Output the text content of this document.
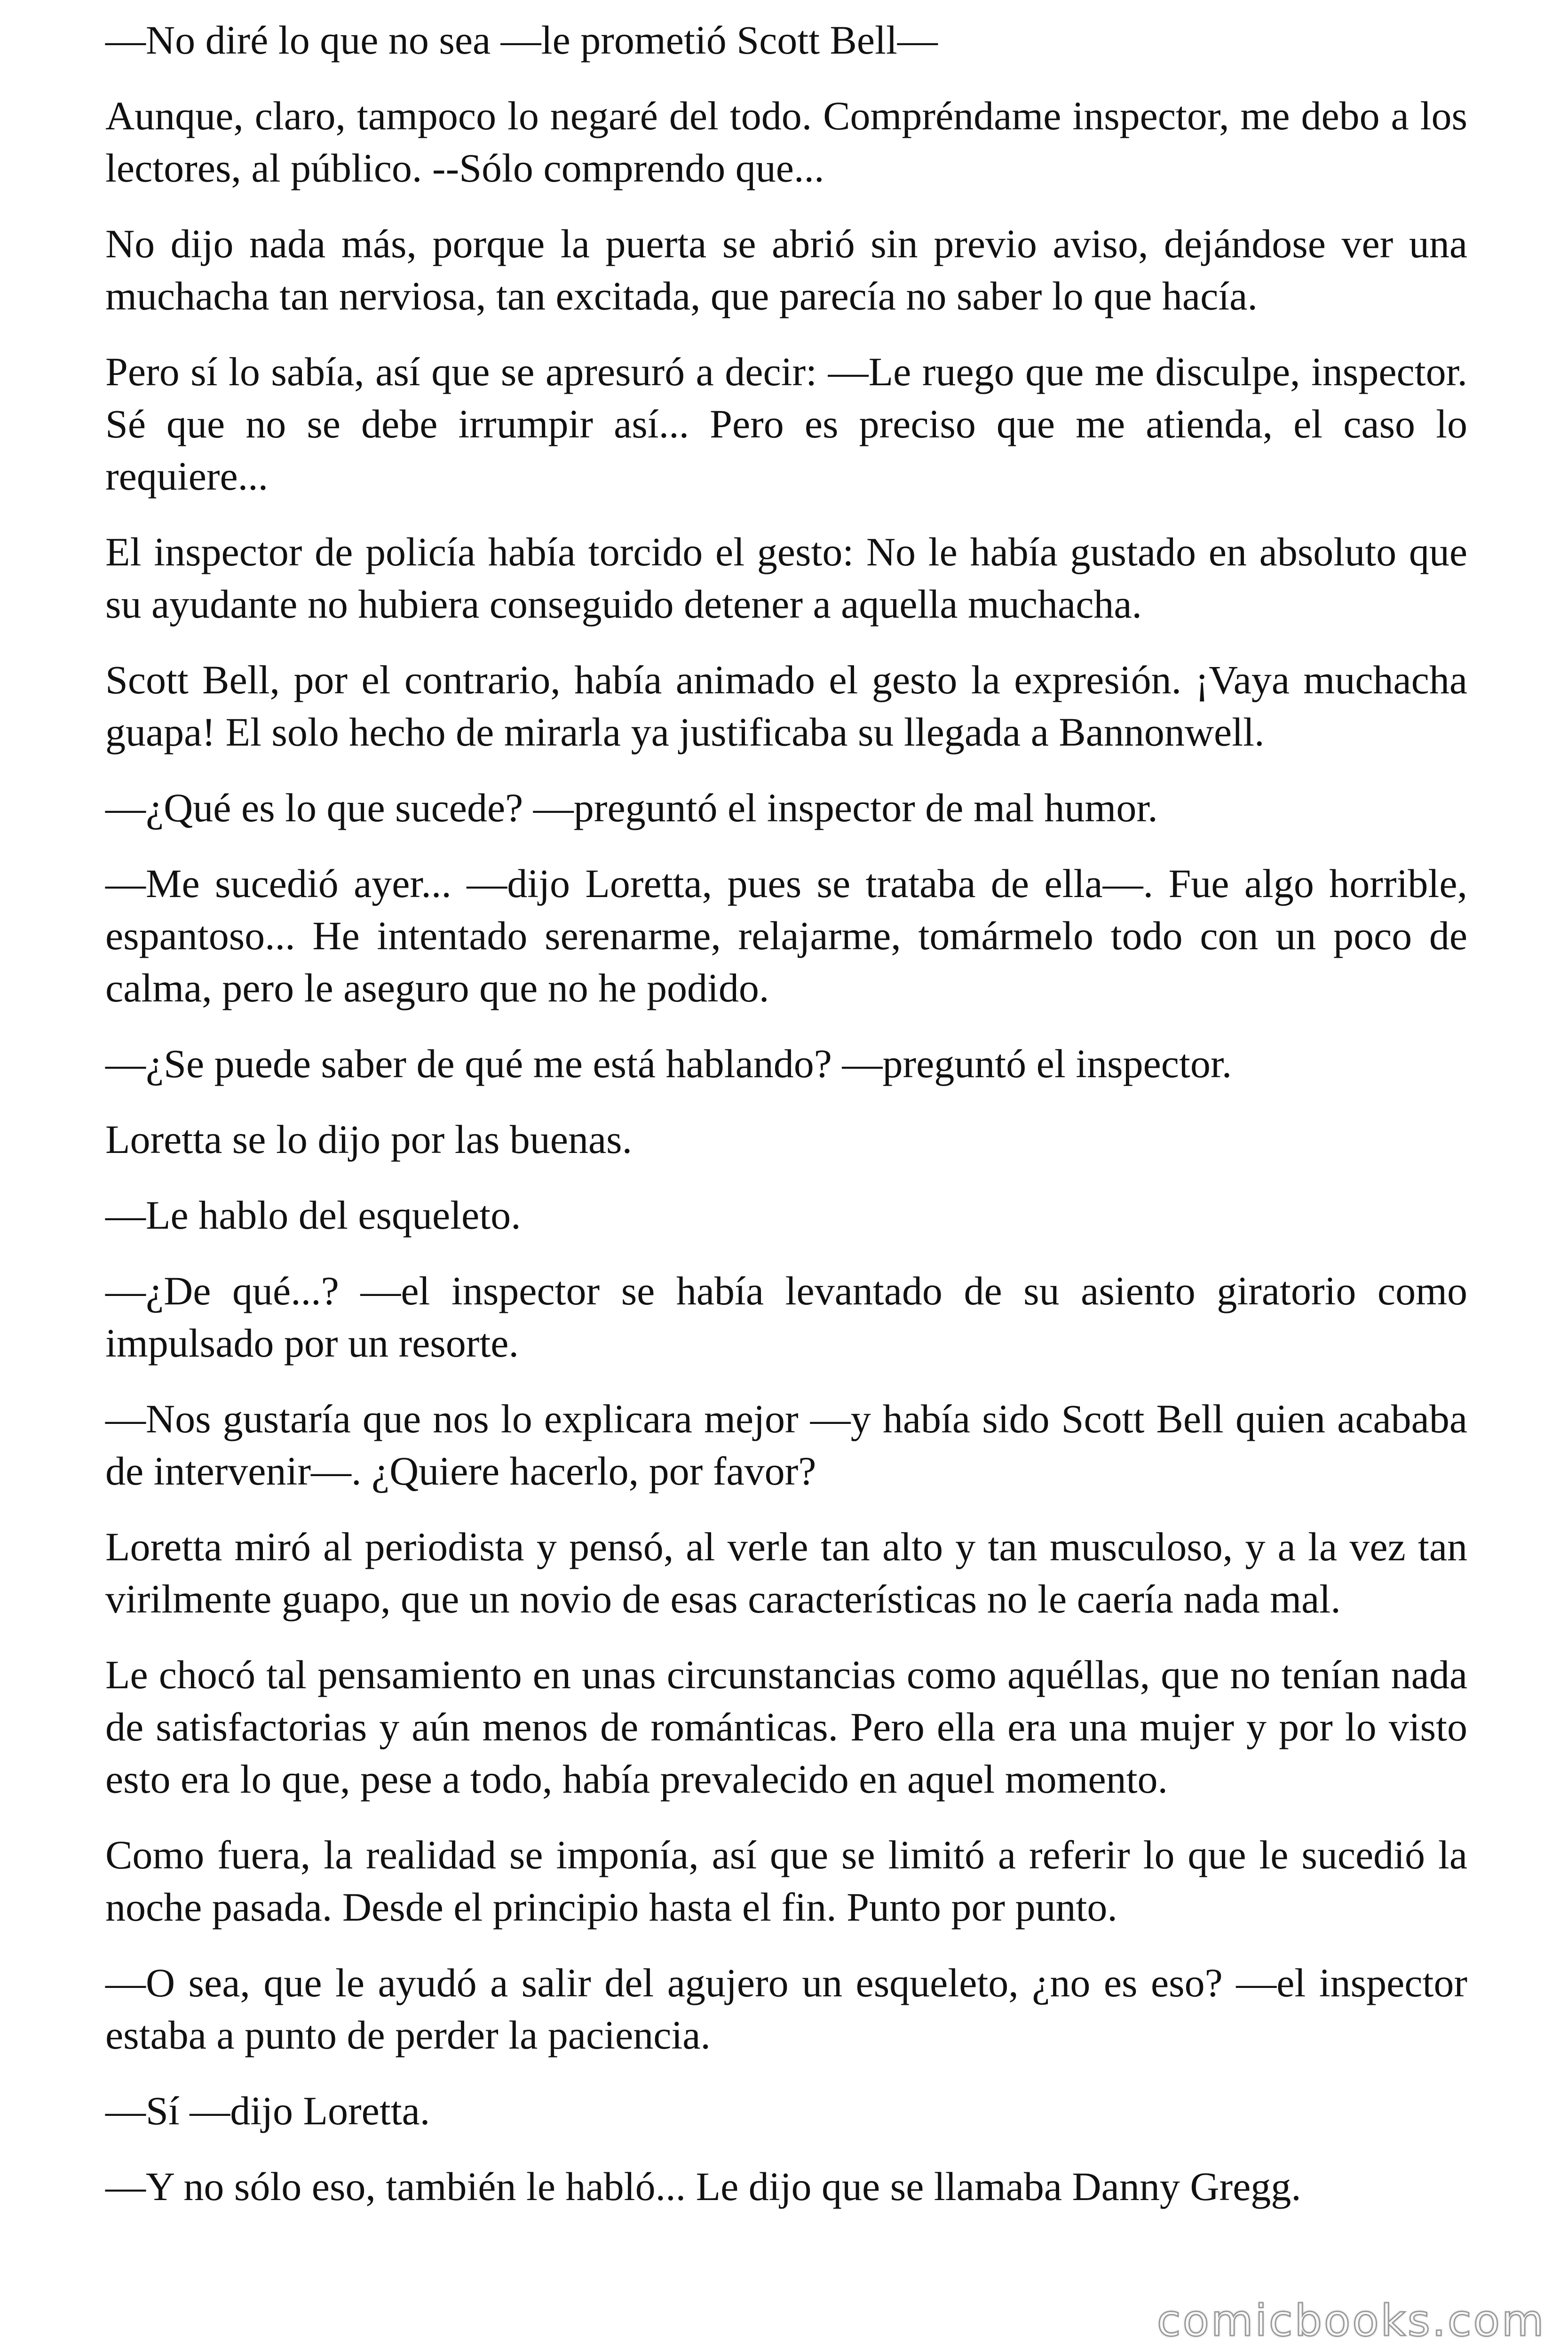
—No diré lo que no sea —le prometió Scott Bell—

Aunque, claro, tampoco lo negaré del todo. Compréndame inspector, me debo a los lectores, al público. --Sólo comprendo que...

No dijo nada más, porque la puerta se abrió sin previo aviso, dejándose ver una muchacha tan nerviosa, tan excitada, que parecía no saber lo que hacía.

Pero sí lo sabía, así que se apresuró a decir: —Le ruego que me disculpe, inspector. Sé que no se debe irrumpir así... Pero es preciso que me atienda, el caso lo requiere...

El inspector de policía había torcido el gesto: No le había gustado en absoluto que su ayudante no hubiera conseguido detener a aquella muchacha.

Scott Bell, por el contrario, había animado el gesto la expresión. ¡Vaya muchacha guapa! El solo hecho de mirarla ya justificaba su llegada a Bannonwell.

—¿Qué es lo que sucede? —preguntó el inspector de mal humor.

—Me sucedió ayer... —dijo Loretta, pues se trataba de ella—. Fue algo horrible, espantoso... He intentado serenarme, relajarme, tomármelo todo con un poco de calma, pero le aseguro que no he podido.

—¿Se puede saber de qué me está hablando? —preguntó el inspector.

Loretta se lo dijo por las buenas.

—Le hablo del esqueleto.

—¿De qué...? —el inspector se había levantado de su asiento giratorio como impulsado por un resorte.

—Nos gustaría que nos lo explicara mejor —y había sido Scott Bell quien acababa de intervenir—. ¿Quiere hacerlo, por favor?

Loretta miró al periodista y pensó, al verle tan alto y tan musculoso, y a la vez tan virilmente guapo, que un novio de esas características no le caería nada mal.

Le chocó tal pensamiento en unas circunstancias como aquéllas, que no tenían nada de satisfactorias y aún menos de románticas. Pero ella era una mujer y por lo visto esto era lo que, pese a todo, había prevalecido en aquel momento.

Como fuera, la realidad se imponía, así que se limitó a referir lo que le sucedió la noche pasada. Desde el principio hasta el fin. Punto por punto.

—O sea, que le ayudó a salir del agujero un esqueleto, ¿no es eso? —el inspector estaba a punto de perder la paciencia.

—Sí —dijo Loretta.

—Y no sólo eso, también le habló... Le dijo que se llamaba Danny Gregg.

comicbooks.com
